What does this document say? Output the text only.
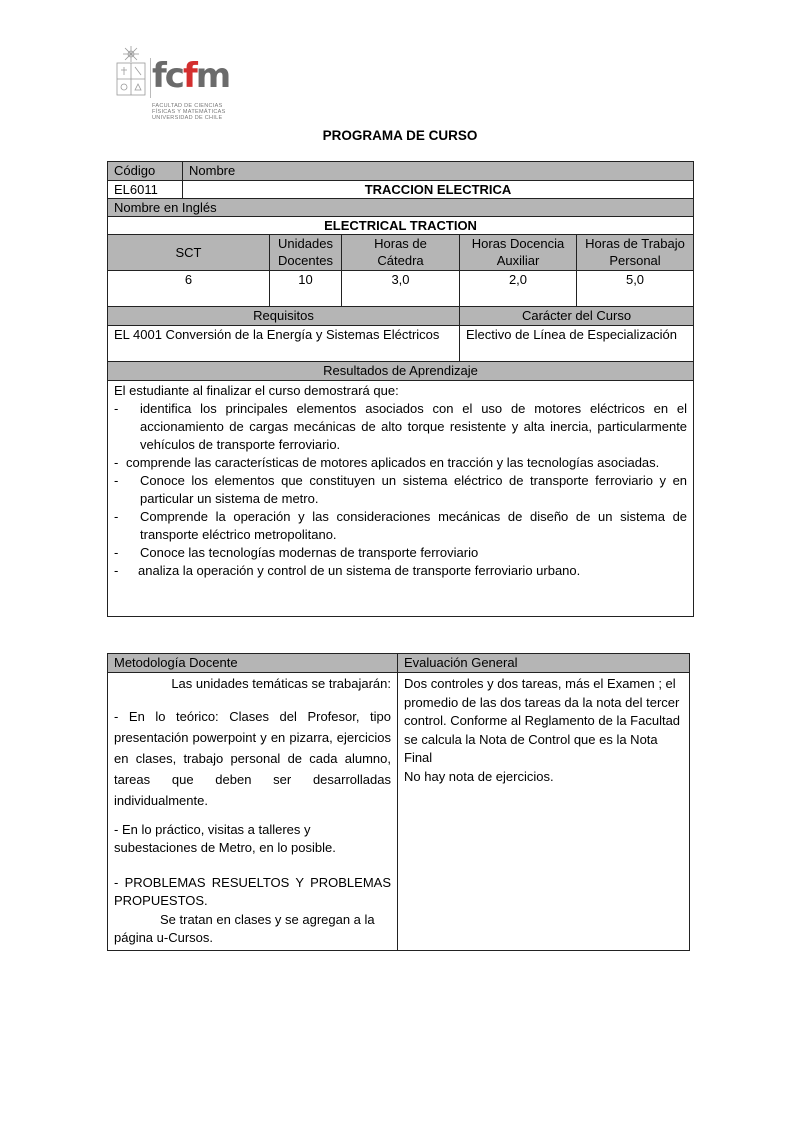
fcfm
FACULTAD DE CIENCIAS
FÍSICAS Y MATEMÁTICAS
UNIVERSIDAD DE CHILE
PROGRAMA DE CURSO
Código	Nombre				
EL6011	TRACCION ELECTRICA				
Nombre en Inglés					
ELECTRICAL TRACTION					
SCT		Unidades Docentes	Horas de Cátedra	Horas Docencia Auxiliar	Horas de Trabajo Personal
6		10	3,0	2,0	5,0
Requisitos				Carácter del Curso	
EL 4001 Conversión de la Energía y Sistemas Eléctricos				Electivo de Línea de Especialización	
Resultados de Aprendizaje					

El estudiante al finalizar el curso demostrará que:
- identifica los principales elementos asociados con el uso de motores eléctricos en el accionamiento de cargas mecánicas de alto torque resistente y alta inercia, particularmente vehículos de transporte ferroviario.
- comprende las características de motores aplicados en tracción y las tecnologías asociadas.
- Conoce los elementos que constituyen un sistema eléctrico de transporte ferroviario y en particular un sistema de metro.
- Comprende la operación y las consideraciones mecánicas de diseño de un sistema de transporte eléctrico metropolitano.
- Conoce las tecnologías modernas de transporte ferroviario
- analiza la operación y control de un sistema de transporte ferroviario urbano.
Metodología Docente	Evaluación General

Las unidades temáticas se trabajarán:
- En lo teórico: Clases del Profesor, tipo presentación powerpoint y en pizarra, ejercicios en clases, trabajo personal de cada alumno, tareas que deben ser desarrolladas individualmente.
- En lo práctico, visitas a talleres y subestaciones de Metro, en lo posible.
- PROBLEMAS RESUELTOS Y PROBLEMAS PROPUESTOS.
Se tratan en clases y se agregan a la
página u-Cursos.

Dos controles y dos tareas, más el Examen ; el promedio de las dos tareas da la nota del tercer control. Conforme al Reglamento de la Facultad se calcula la Nota de Control que es la Nota Final
No hay nota de ejercicios.
